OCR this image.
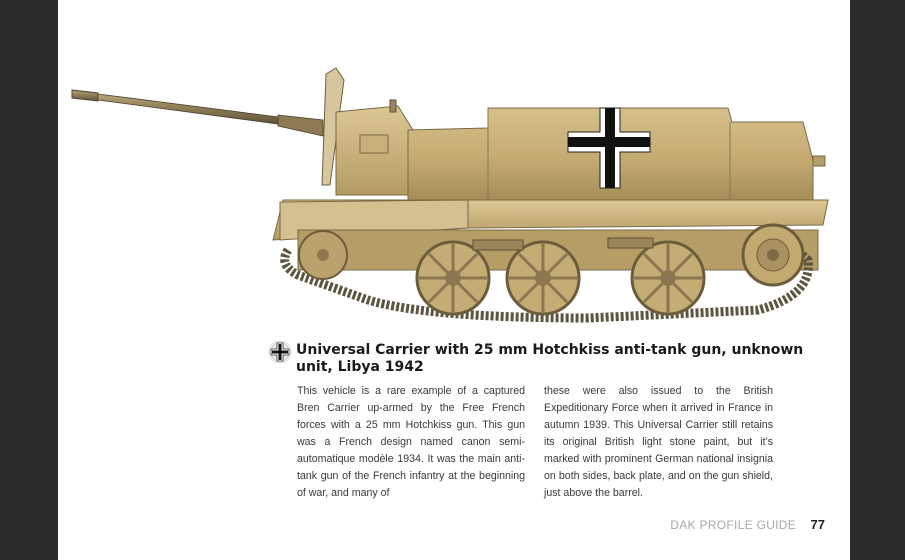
Universal Carrier with 25 mm Hotchkiss anti-tank gun, unknown unit, Libya 1942
This vehicle is a rare example of a captured Bren Carrier up-armed by the Free French forces with a 25 mm Hotchkiss gun. This gun was a French design named canon semi-automatique modèle 1934. It was the main anti-tank gun of the French infantry at the beginning of war, and many of
these were also issued to the British Expeditionary Force when it arrived in France in autumn 1939. This Universal Carrier still retains its original British light stone paint, but it’s marked with prominent German national insignia on both sides, back plate, and on the gun shield, just above the barrel.
DAK PROFILE GUIDE 77
